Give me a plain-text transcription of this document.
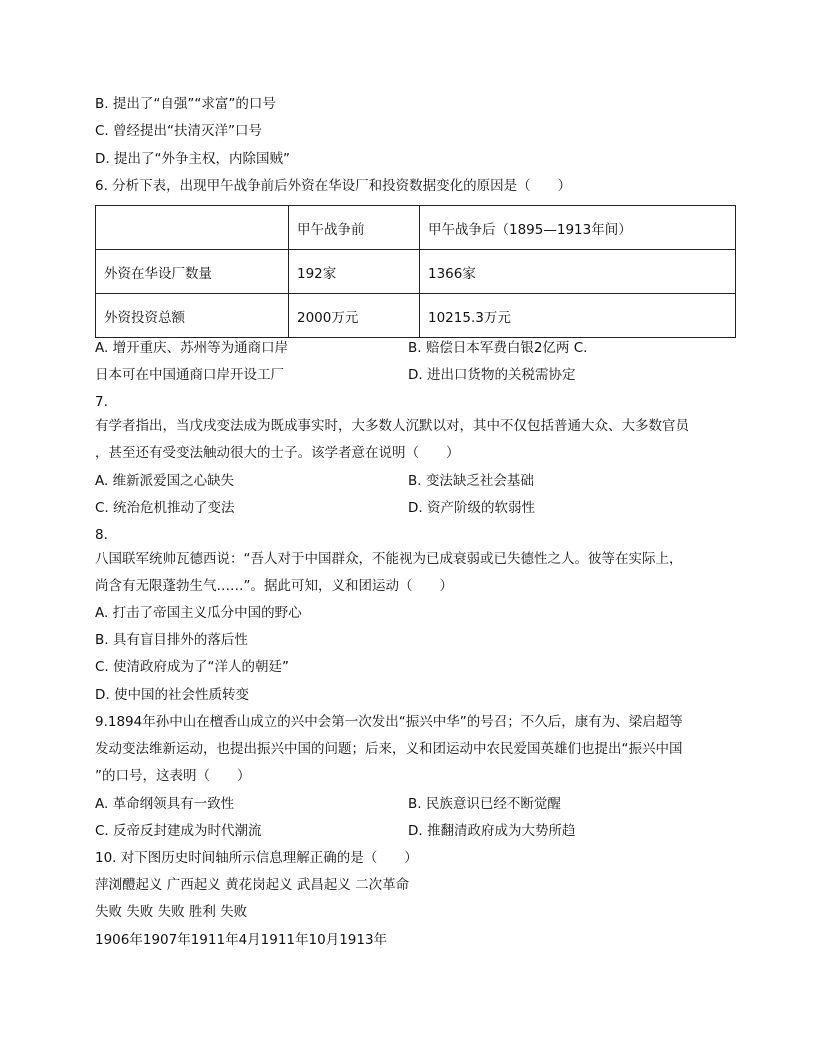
B. 提出了“自强”“求富”的口号
C. 曾经提出“扶清灭洋”口号
D. 提出了“外争主权，内除国贼”
6. 分析下表，出现甲午战争前后外资在华设厂和投资数据变化的原因是（　　）
	甲午战争前	甲午战争后（1895—1913年间）
外资在华设厂数量	192家	1366家
外资投资总额	2000万元	10215.3万元
A. 增开重庆、苏州等为通商口岸	B. 赔偿日本军费白银2亿两 C.
日本可在中国通商口岸开设工厂	D. 进出口货物的关税需协定
7.
有学者指出，当戊戌变法成为既成事实时，大多数人沉默以对，其中不仅包括普通大众、大多数官员
，甚至还有受变法触动很大的士子。该学者意在说明（　　）
A. 维新派爱国之心缺失	B. 变法缺乏社会基础
C. 统治危机推动了变法	D. 资产阶级的软弱性
8.
八国联军统帅瓦德西说：“吾人对于中国群众，不能视为已成衰弱或已失德性之人。彼等在实际上，
尚含有无限蓬勃生气……”。据此可知，义和团运动（　　）
A. 打击了帝国主义瓜分中国的野心
B. 具有盲目排外的落后性
C. 使清政府成为了“洋人的朝廷”
D. 使中国的社会性质转变
9.1894年孙中山在檀香山成立的兴中会第一次发出“振兴中华”的号召；不久后，康有为、梁启超等
发动变法维新运动，也提出振兴中国的问题；后来，义和团运动中农民爱国英雄们也提出“振兴中国
”的口号，这表明（　　）
A. 革命纲领具有一致性	B. 民族意识已经不断觉醒
C. 反帝反封建成为时代潮流	D. 推翻清政府成为大势所趋
10. 对下图历史时间轴所示信息理解正确的是（　　）
萍浏醴起义 广西起义 黄花岗起义 武昌起义 二次革命
失败 失败 失败 胜利 失败
1906年1907年1911年4月1911年10月1913年
